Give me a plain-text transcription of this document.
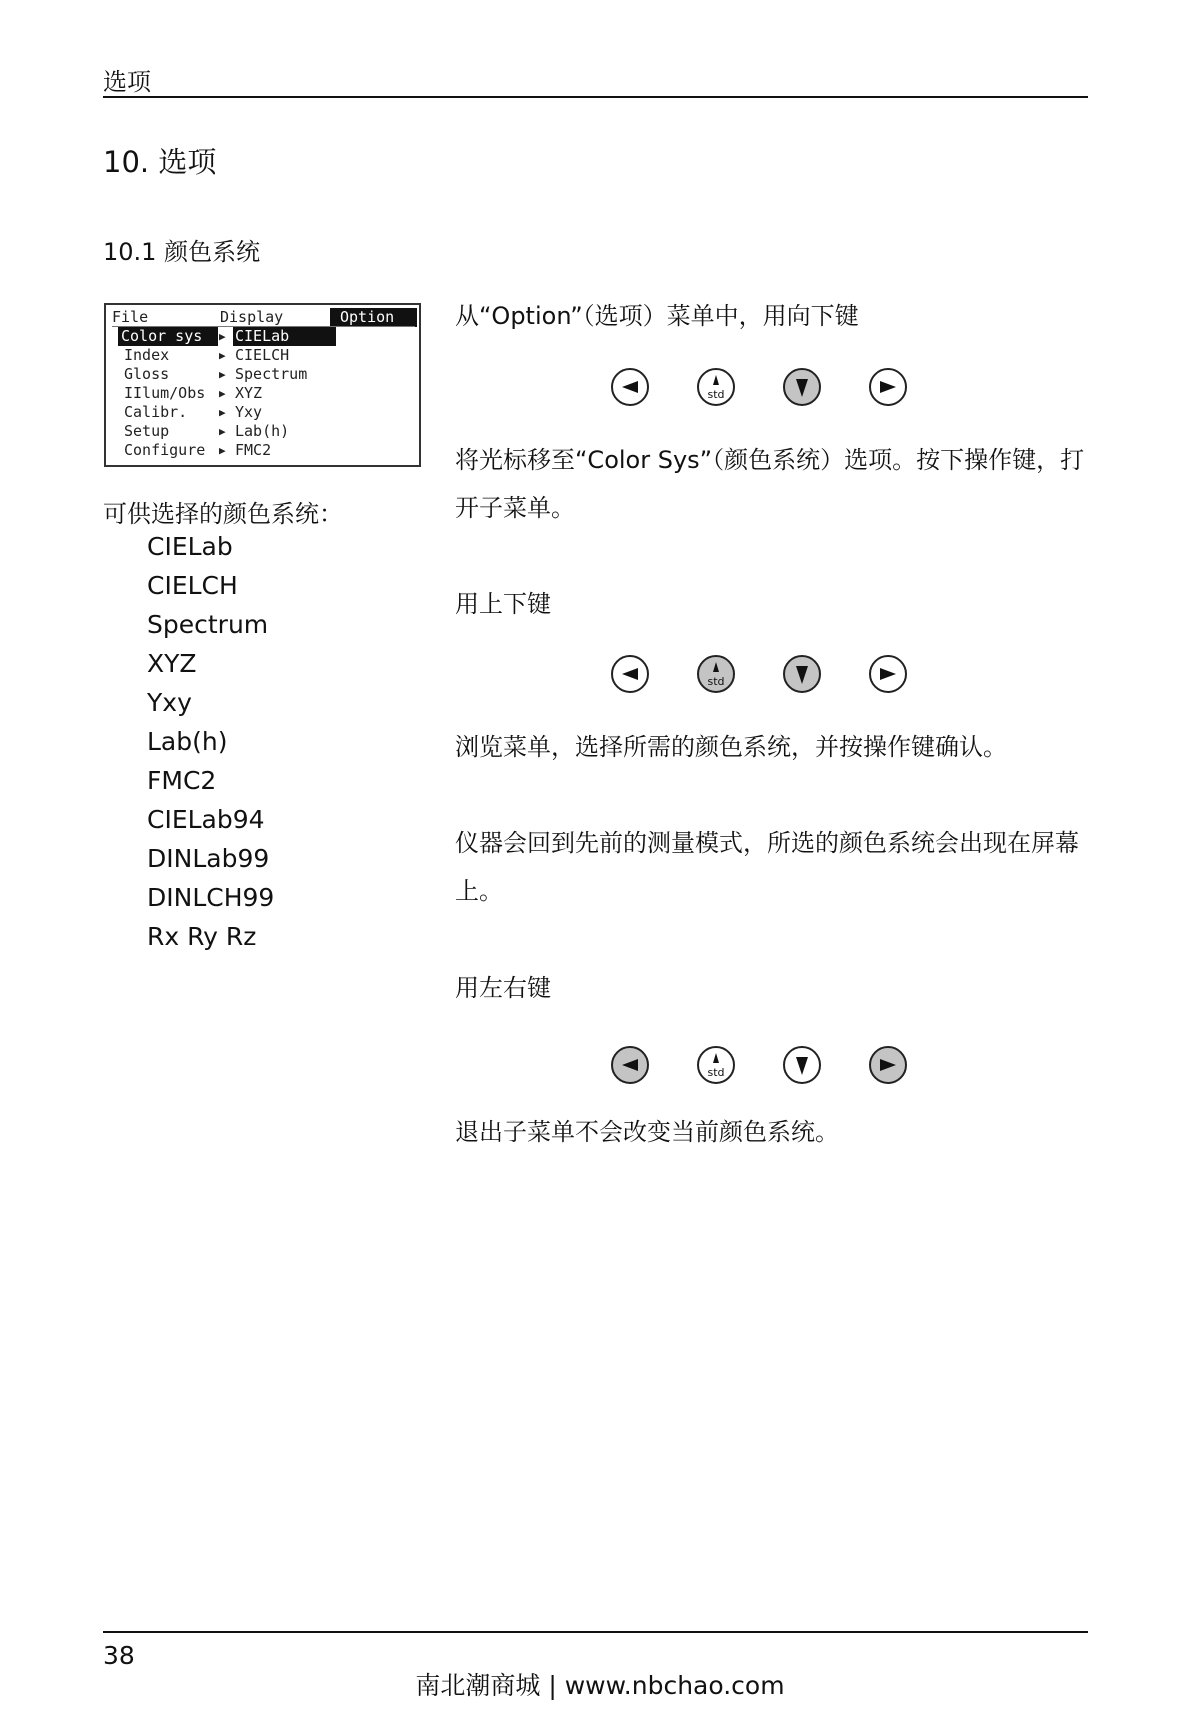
选项
10. 选项
10.1 颜色系统
File	Display	Option
Color sys
Index
Gloss
IIlum/Obs
Calibr.
Setup
Configure
▶
▶
▶
▶
▶
▶
▶
CIELab
CIELCH
Spectrum
XYZ
Yxy
Lab(h)
FMC2
可供选择的颜色系统：
CIELab
CIELCH
Spectrum
XYZ
Yxy
Lab(h)
FMC2
CIELab94
DINLab99
DINLCH99
Rx Ry Rz
从“Option”（选项）菜单中，用向下键
std
将光标移至“Color Sys”（颜色系统）选项。按下操作键，打开子菜单。
用上下键
std
浏览菜单，选择所需的颜色系统，并按操作键确认。
仪器会回到先前的测量模式，所选的颜色系统会出现在屏幕上。
用左右键
std
退出子菜单不会改变当前颜色系统。
38
南北潮商城 | www.nbchao.com
